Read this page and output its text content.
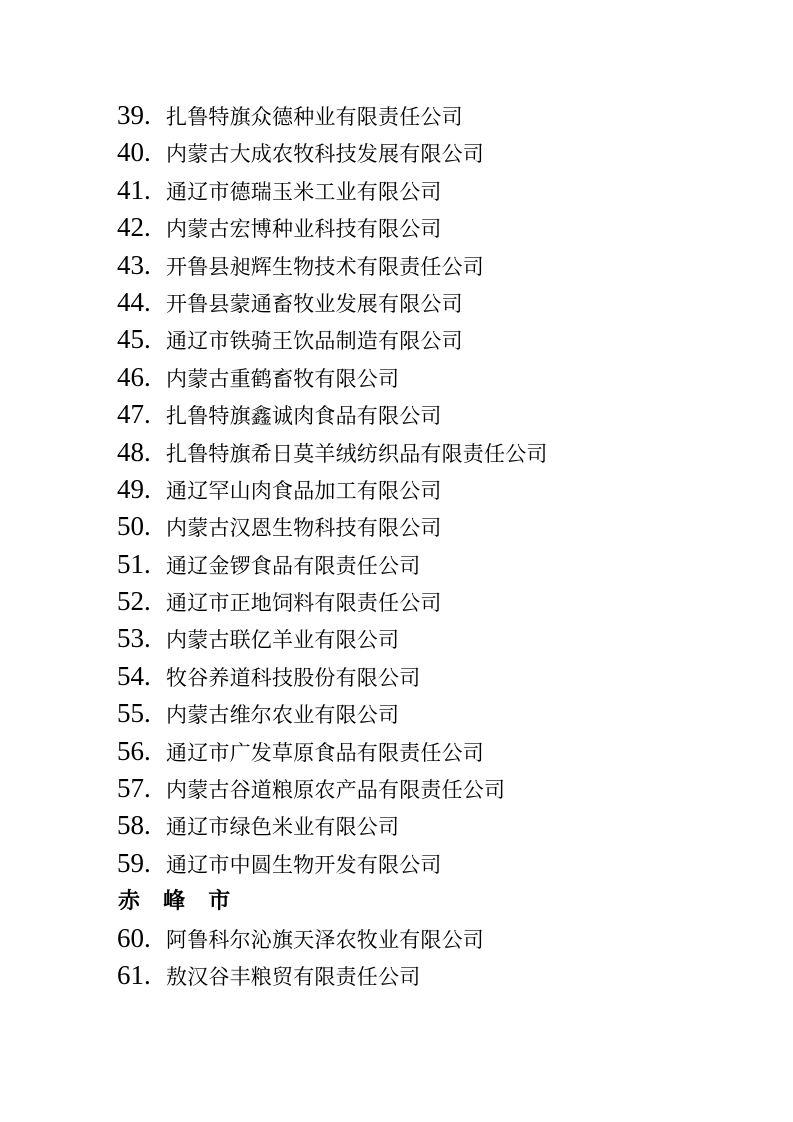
39. 扎鲁特旗众德种业有限责任公司
40. 内蒙古大成农牧科技发展有限公司
41. 通辽市德瑞玉米工业有限公司
42. 内蒙古宏博种业科技有限公司
43. 开鲁县昶辉生物技术有限责任公司
44. 开鲁县蒙通畜牧业发展有限公司
45. 通辽市铁骑王饮品制造有限公司
46. 内蒙古重鹤畜牧有限公司
47. 扎鲁特旗鑫诚肉食品有限公司
48. 扎鲁特旗希日莫羊绒纺织品有限责任公司
49. 通辽罕山肉食品加工有限公司
50. 内蒙古汉恩生物科技有限公司
51. 通辽金锣食品有限责任公司
52. 通辽市正地饲料有限责任公司
53. 内蒙古联亿羊业有限公司
54. 牧谷养道科技股份有限公司
55. 内蒙古维尔农业有限公司
56. 通辽市广发草原食品有限责任公司
57. 内蒙古谷道粮原农产品有限责任公司
58. 通辽市绿色米业有限公司
59. 通辽市中圆生物开发有限公司
赤 峰 市
60. 阿鲁科尔沁旗天泽农牧业有限公司
61. 敖汉谷丰粮贸有限责任公司
